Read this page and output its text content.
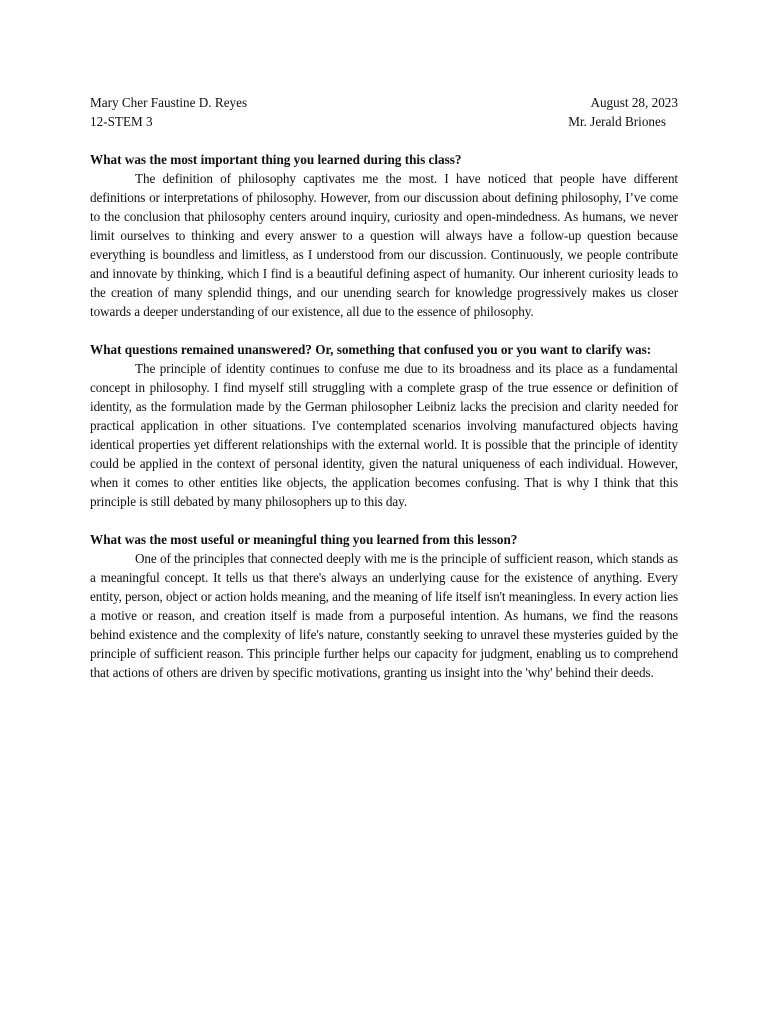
Mary Cher Faustine D. Reyes	August 28, 2023
12-STEM 3	Mr. Jerald Briones

What was the most important thing you learned during this class?

The definition of philosophy captivates me the most. I have noticed that people have different definitions or interpretations of philosophy. However, from our discussion about defining philosophy, I’ve come to the conclusion that philosophy centers around inquiry, curiosity and open-mindedness. As humans, we never limit ourselves to thinking and every answer to a question will always have a follow-up question because everything is boundless and limitless, as I understood from our discussion. Continuously, we people contribute and innovate by thinking, which I find is a beautiful defining aspect of humanity. Our inherent curiosity leads to the creation of many splendid things, and our unending search for knowledge progressively makes us closer towards a deeper understanding of our existence, all due to the essence of philosophy.

What questions remained unanswered? Or, something that confused you or you want to clarify was:

The principle of identity continues to confuse me due to its broadness and its place as a fundamental concept in philosophy. I find myself still struggling with a complete grasp of the true essence or definition of identity, as the formulation made by the German philosopher Leibniz lacks the precision and clarity needed for practical application in other situations. I've contemplated scenarios involving manufactured objects having identical properties yet different relationships with the external world. It is possible that the principle of identity could be applied in the context of personal identity, given the natural uniqueness of each individual. However, when it comes to other entities like objects, the application becomes confusing. That is why I think that this principle is still debated by many philosophers up to this day.

What was the most useful or meaningful thing you learned from this lesson?

One of the principles that connected deeply with me is the principle of sufficient reason, which stands as a meaningful concept. It tells us that there's always an underlying cause for the existence of anything. Every entity, person, object or action holds meaning, and the meaning of life itself isn't meaningless. In every action lies a motive or reason, and creation itself is made from a purposeful intention. As humans, we find the reasons behind existence and the complexity of life's nature, constantly seeking to unravel these mysteries guided by the principle of sufficient reason. This principle further helps our capacity for judgment, enabling us to comprehend that actions of others are driven by specific motivations, granting us insight into the 'why' behind their deeds.
